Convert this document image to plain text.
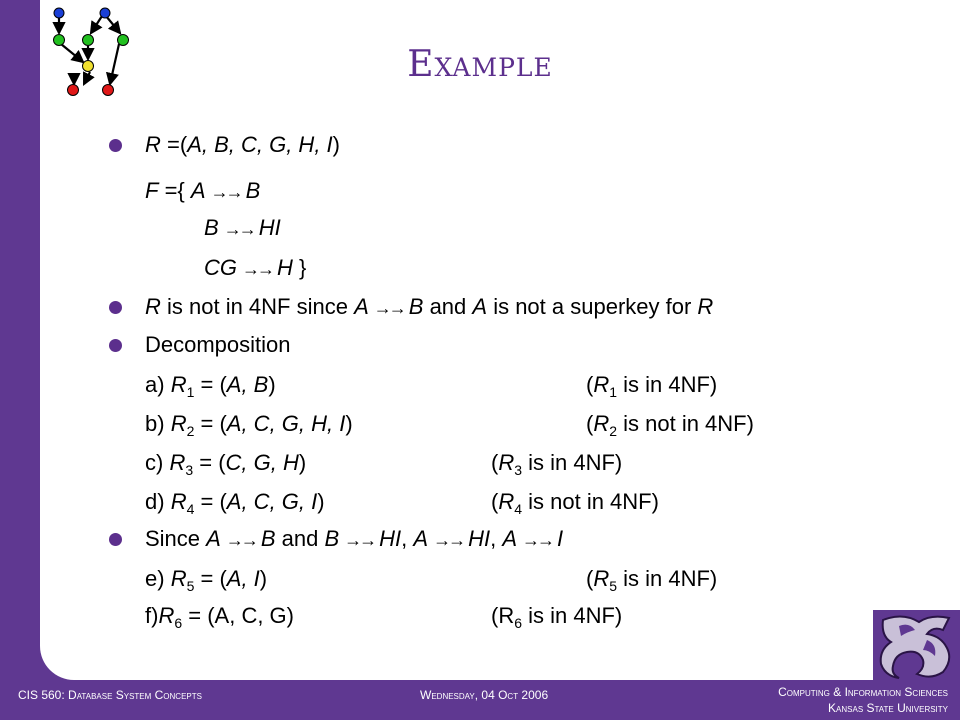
Example
R =(A, B, C, G, H, I)
F ={ A →→ B
B →→ HI
CG →→ H }
R is not in 4NF since A →→ B and A is not a superkey for R
Decomposition
a) $R_1 = (A$, B)	($R_1$ is in 4NF)
b) $R_2 = (A$, C, G, H, I)	($R_2$ is not in 4NF)
c) $R_3 = (C$, G, H)	($R_3$ is in 4NF)
d) $R_4 = (A$, C, G, I)	($R_4$ is not in 4NF)
Since A →→ B and B →→ HI, A →→ HI, A →→ I
e) $R_5 = (A$, I)	($R_5$ is in 4NF)
$f)R_6 = (A$, C, G)	($R_6$ is in 4NF)
CIS 560: Database System Concepts	Wednesday, 04 Oct 2006	Computing & Information Sciences
Kansas State University
